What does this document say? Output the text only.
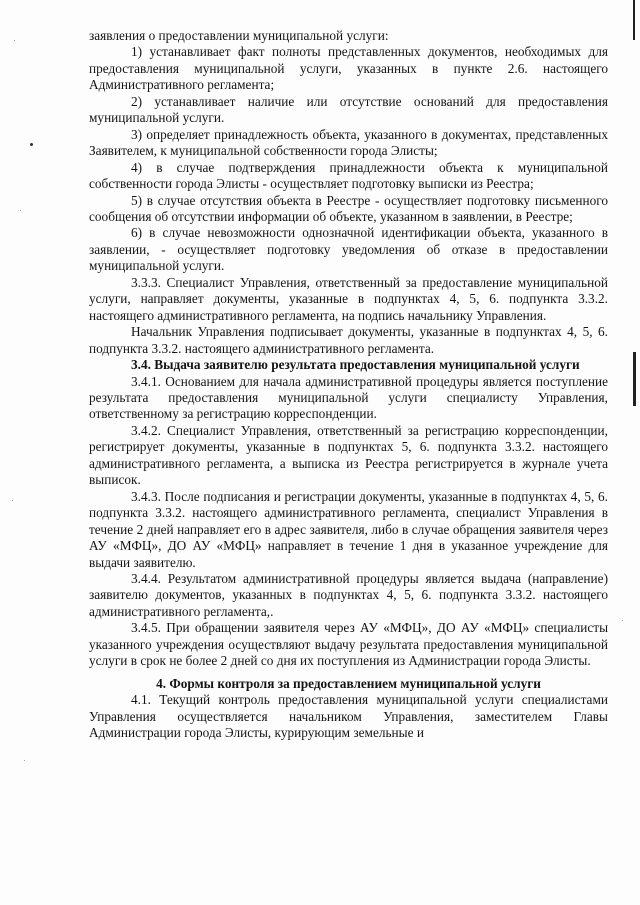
заявления о предоставлении муниципальной услуги:

1) устанавливает факт полноты представленных документов, необходимых для предоставления муниципальной услуги, указанных в пункте 2.6. настоящего Административного регламента;

2) устанавливает наличие или отсутствие оснований для предоставления муниципальной услуги.

3) определяет принадлежность объекта, указанного в документах, представленных Заявителем, к муниципальной собственности города Элисты;

4) в случае подтверждения принадлежности объекта к муниципальной собственности города Элисты - осуществляет подготовку выписки из Реестра;

5) в случае отсутствия объекта в Реестре - осуществляет подготовку письменного сообщения об отсутствии информации об объекте, указанном в заявлении, в Реестре;

6) в случае невозможности однозначной идентификации объекта, указанного в заявлении, - осуществляет подготовку уведомления об отказе в предоставлении муниципальной услуги.

3.3.3. Специалист Управления, ответственный за предоставление муниципальной услуги, направляет документы, указанные в подпунктах 4, 5, 6. подпункта 3.3.2. настоящего административного регламента, на подпись начальнику Управления.

Начальник Управления подписывает документы, указанные в подпунктах 4, 5, 6. подпункта 3.3.2. настоящего административного регламента.

3.4. Выдача заявителю результата предоставления муниципальной услуги

3.4.1. Основанием для начала административной процедуры является поступление результата предоставления муниципальной услуги специалисту Управления, ответственному за регистрацию корреспонденции.

3.4.2. Специалист Управления, ответственный за регистрацию корреспонденции, регистрирует документы, указанные в подпунктах 5, 6. подпункта 3.3.2. настоящего административного регламента, а выписка из Реестра регистрируется в журнале учета выписок.

3.4.3. После подписания и регистрации документы, указанные в подпунктах 4, 5, 6. подпункта 3.3.2. настоящего административного регламента, специалист Управления в течение 2 дней направляет его в адрес заявителя, либо в случае обращения заявителя через АУ «МФЦ», ДО АУ «МФЦ» направляет в течение 1 дня в указанное учреждение для выдачи заявителю.

3.4.4. Результатом административной процедуры является выдача (направление) заявителю документов, указанных в подпунктах 4, 5, 6. подпункта 3.3.2. настоящего административного регламента,.

3.4.5. При обращении заявителя через АУ «МФЦ», ДО АУ «МФЦ» специалисты указанного учреждения осуществляют выдачу результата предоставления муниципальной услуги в срок не более 2 дней со дня их поступления из Администрации города Элисты.

4. Формы контроля за предоставлением муниципальной услуги

4.1. Текущий контроль предоставления муниципальной услуги специалистами Управления осуществляется начальником Управления, заместителем Главы Администрации города Элисты, курирующим земельные и
